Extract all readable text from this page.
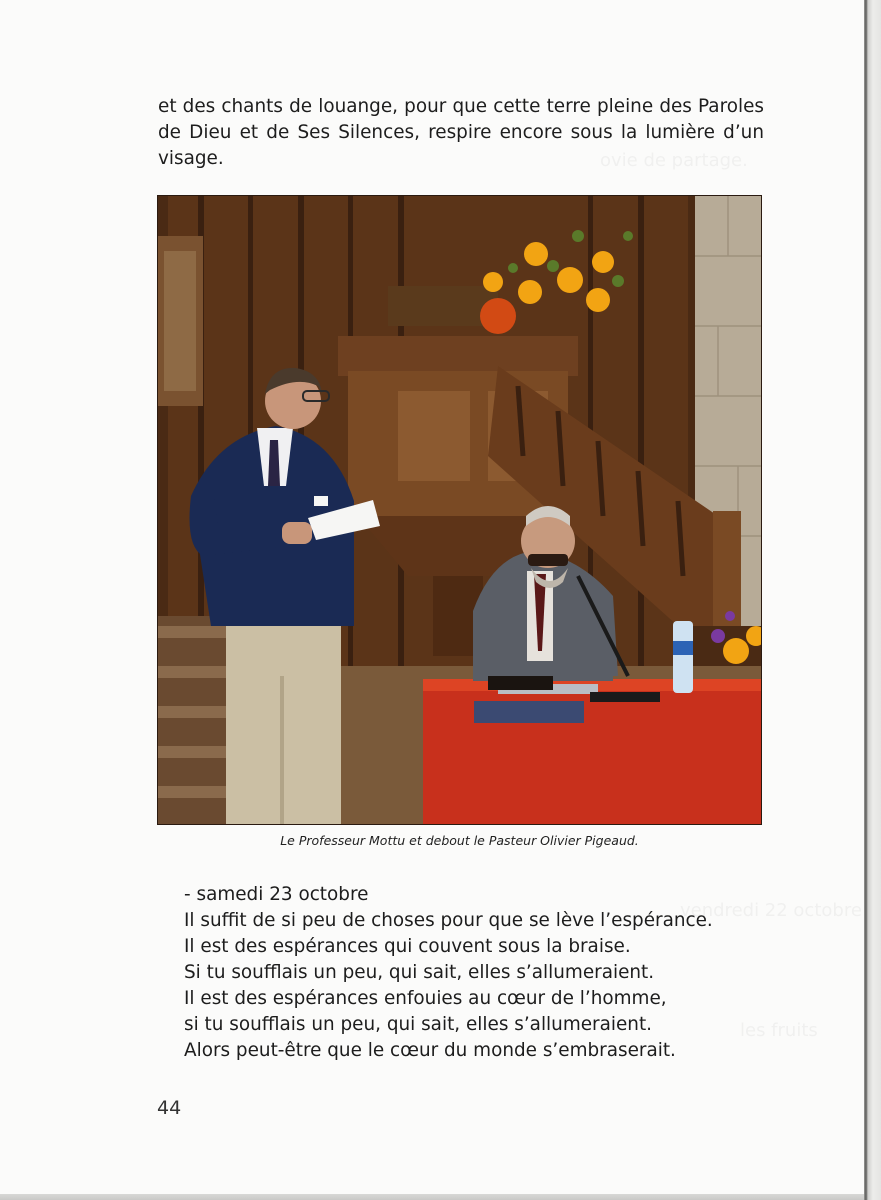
ovie de partage.
vendredi 22 octobre
les fruits

et des chants de louange, pour que cette terre pleine des Paroles de Dieu et de Ses Silences, respire encore sous la lumière d’un visage.

Le Professeur Mottu et debout le Pasteur Olivier Pigeaud.

- samedi 23 octobre
Il suffit de si peu de choses pour que se lève l’espérance.
Il est des espérances qui couvent sous la braise.
Si tu soufflais un peu, qui sait, elles s’allumeraient.
Il est des espérances enfouies au cœur de l’homme,
si tu soufflais un peu, qui sait, elles s’allumeraient.
Alors peut-être que le cœur du monde s’embraserait.
44
